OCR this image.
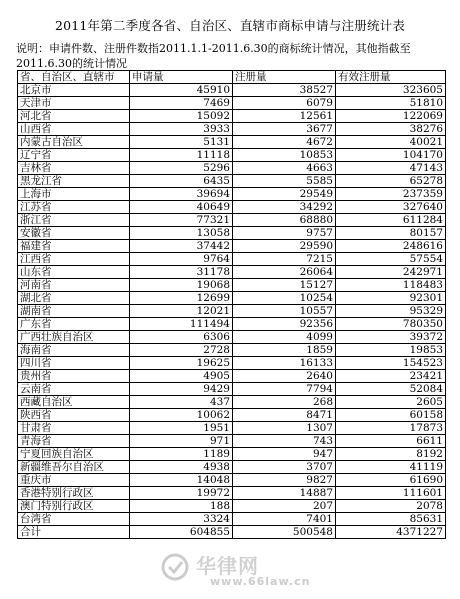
2011年第二季度各省、自治区、直辖市商标申请与注册统计表
说明：申请件数、注册件数指2011.1.1-2011.6.30的商标统计情况，其他指截至2011.6.30的统计情况
省、自治区、直辖市	申请量	注册量	有效注册量
北京市	45910	38527	323605
天津市	7469	6079	51810
河北省	15092	12561	122069
山西省	3933	3677	38276
内蒙古自治区	5131	4672	40021
辽宁省	11118	10853	104170
吉林省	5296	4663	47143
黑龙江省	6435	5585	65278
上海市	39694	29549	237359
江苏省	40649	34292	327640
浙江省	77321	68880	611284
安徽省	13058	9757	80157
福建省	37442	29590	248616
江西省	9764	7215	57554
山东省	31178	26064	242971
河南省	19068	15127	118483
湖北省	12699	10254	92301
湖南省	12021	10557	95329
广东省	111494	92356	780350
广西壮族自治区	6306	4099	39372
海南省	2728	1859	19853
四川省	19625	16133	154523
贵州省	4905	2640	23421
云南省	9429	7794	52084
西藏自治区	437	268	2605
陕西省	10062	8471	60158
甘肃省	1951	1307	17873
青海省	971	743	6611
宁夏回族自治区	1189	947	8192
新疆维吾尔自治区	4938	3707	41119
重庆市	14048	9827	61690
香港特别行政区	19972	14887	111601
澳门特别行政区	188	207	2078
台湾省	3324	7401	85631
合计	604855	500548	4371227
华律网
www.66law.cn
